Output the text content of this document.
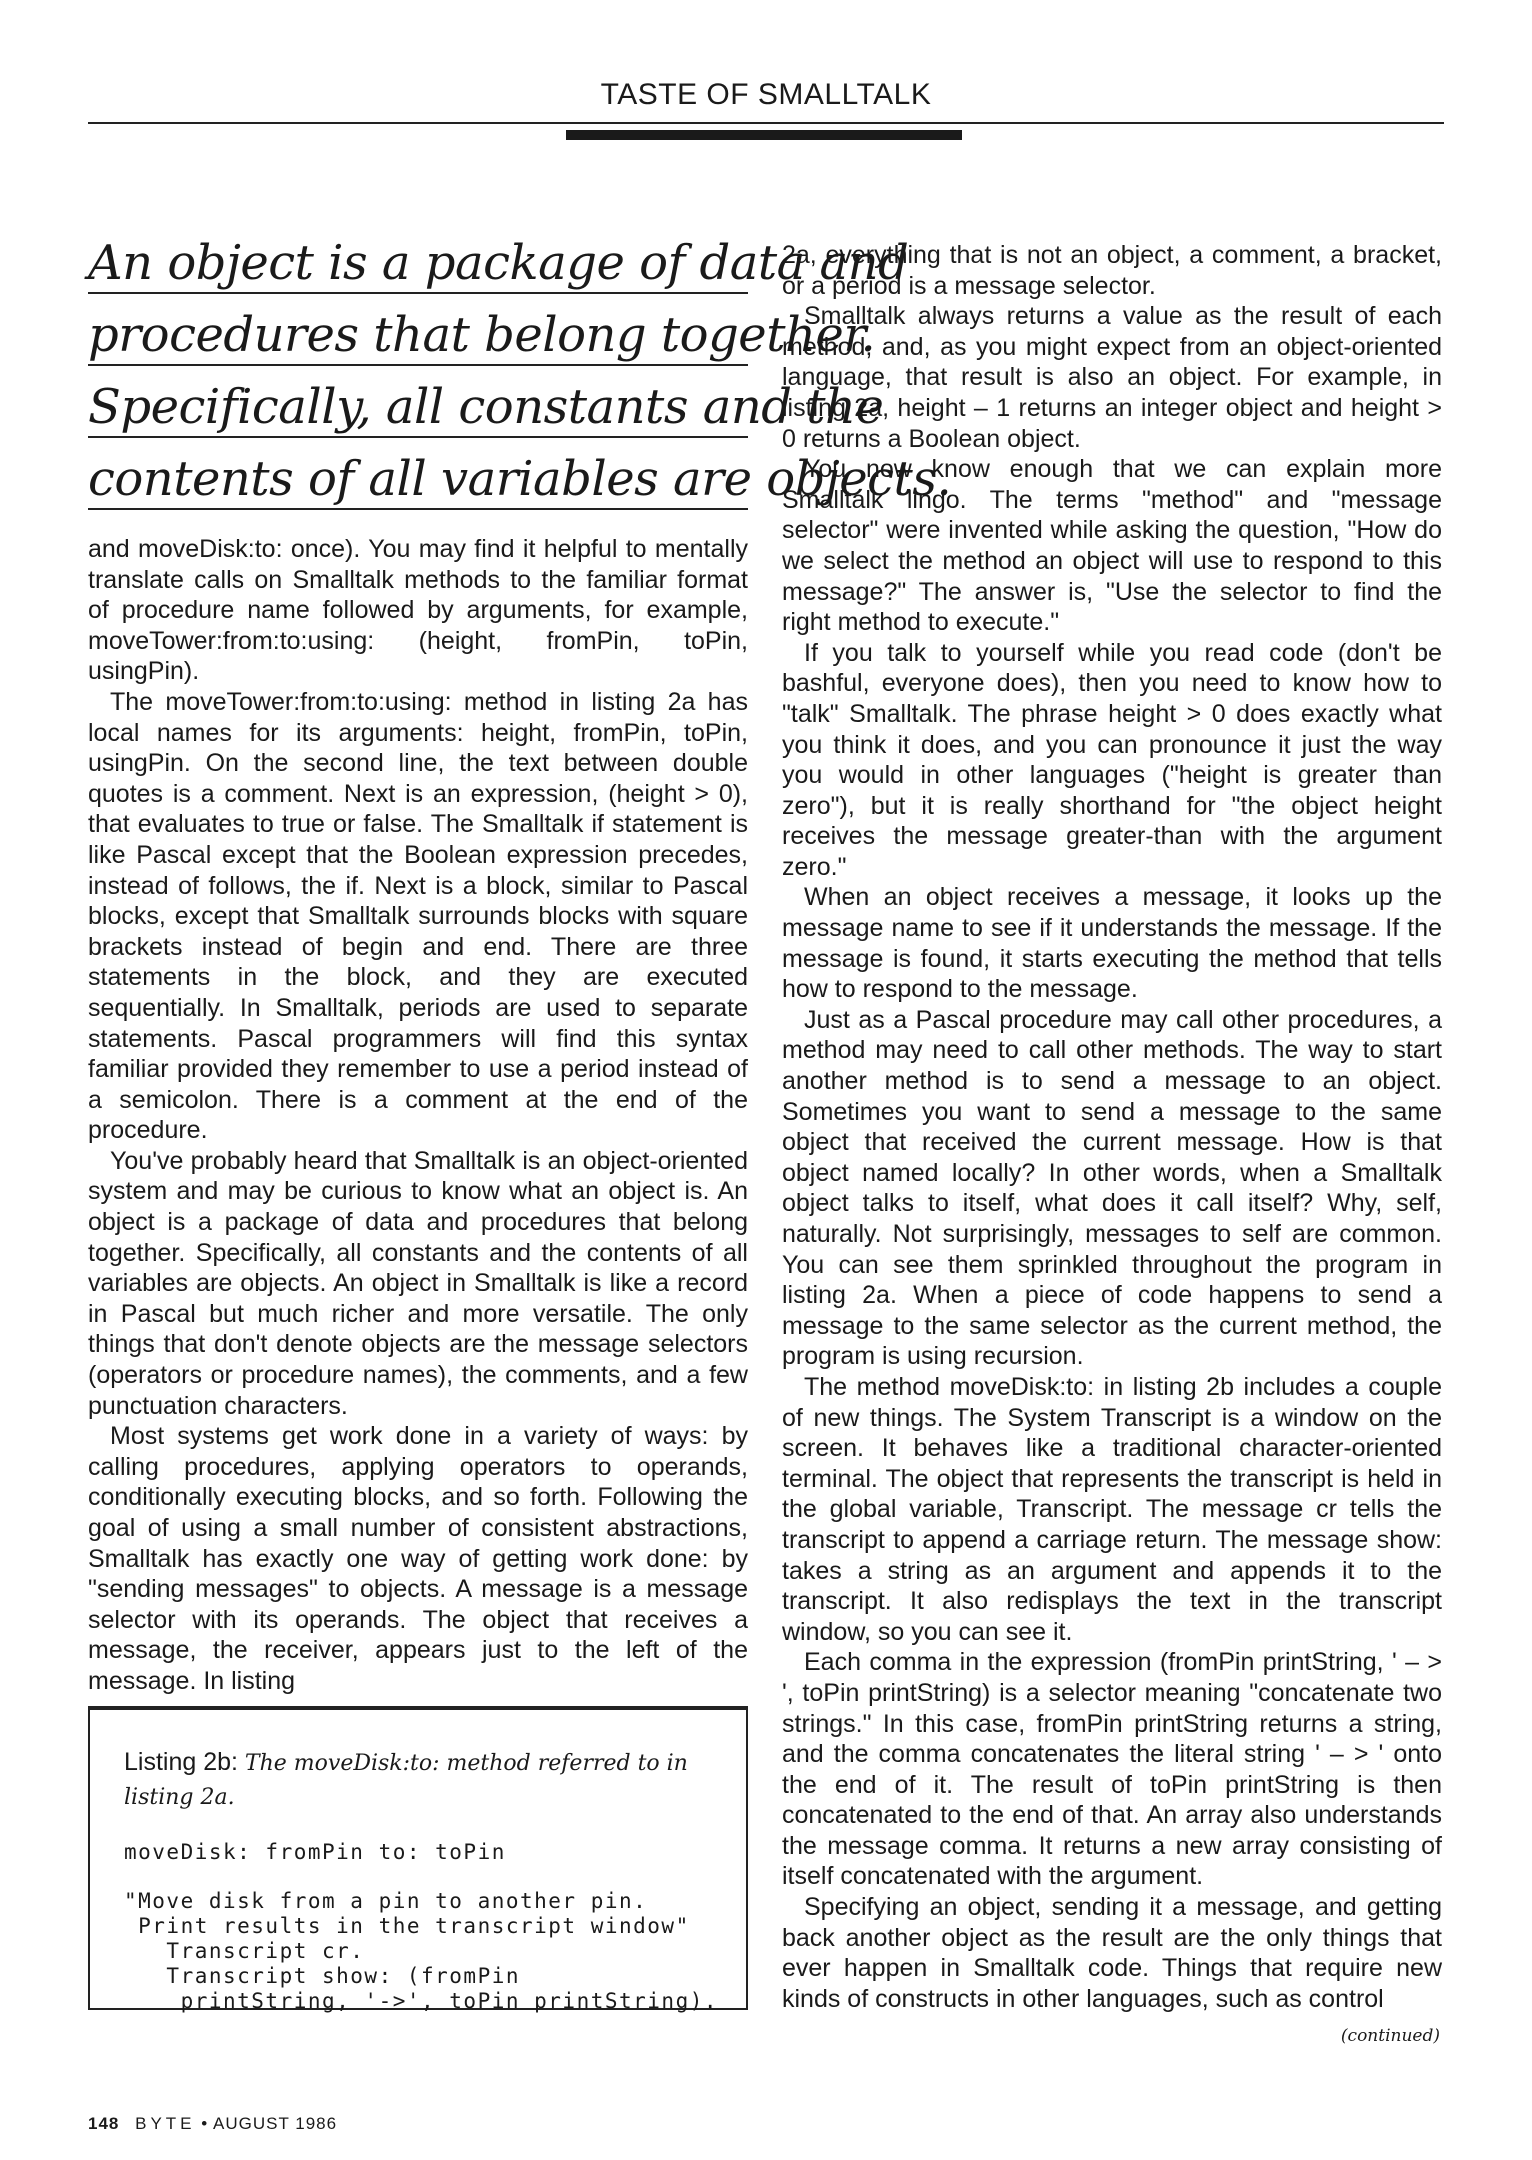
TASTE OF SMALLTALK
An object is a package of data and
procedures that belong together.
Specifically, all constants and the
contents of all variables are objects.

and moveDisk:to: once). You may find it helpful to mentally translate calls on Smalltalk methods to the familiar format of procedure name followed by arguments, for example, moveTower:from:to:using: (height, fromPin, toPin, usingPin).

The moveTower:from:to:using: method in listing 2a has local names for its arguments: height, fromPin, toPin, usingPin. On the second line, the text between double quotes is a comment. Next is an expression, (height > 0), that evaluates to true or false. The Smalltalk if statement is like Pascal except that the Boolean expression precedes, instead of follows, the if. Next is a block, similar to Pascal blocks, except that Smalltalk surrounds blocks with square brackets instead of begin and end. There are three statements in the block, and they are executed sequentially. In Smalltalk, periods are used to separate statements. Pascal programmers will find this syntax familiar provided they remember to use a period instead of a semicolon. There is a comment at the end of the procedure.

You've probably heard that Smalltalk is an object-oriented system and may be curious to know what an object is. An object is a package of data and procedures that belong together. Specifically, all constants and the contents of all variables are objects. An object in Smalltalk is like a record in Pascal but much richer and more versatile. The only things that don't denote objects are the message selectors (operators or procedure names), the comments, and a few punctuation characters.

Most systems get work done in a variety of ways: by calling procedures, applying operators to operands, conditionally executing blocks, and so forth. Following the goal of using a small number of consistent abstractions, Smalltalk has exactly one way of getting work done: by "sending messages" to objects. A message is a message selector with its operands. The object that receives a message, the receiver, appears just to the left of the message. In listing

Listing 2b: The moveDisk:to: method referred to in listing 2a.
moveDisk: fromPin to: toPin
"Move disk from a pin to another pin.
Print results in the transcript window"
Transcript cr.
Transcript show: (fromPin
printString, '->', toPin printString).

2a, everything that is not an object, a comment, a bracket, or a period is a message selector.

Smalltalk always returns a value as the result of each method, and, as you might expect from an object-oriented language, that result is also an object. For example, in listing 2a, height – 1 returns an integer object and height > 0 returns a Boolean object.

You now know enough that we can explain more Smalltalk lingo. The terms "method" and "message selector" were invented while asking the question, "How do we select the method an object will use to respond to this message?" The answer is, "Use the selector to find the right method to execute."

If you talk to yourself while you read code (don't be bashful, everyone does), then you need to know how to "talk" Smalltalk. The phrase height > 0 does exactly what you think it does, and you can pronounce it just the way you would in other languages ("height is greater than zero"), but it is really shorthand for "the object height receives the message greater-than with the argument zero."

When an object receives a message, it looks up the message name to see if it understands the message. If the message is found, it starts executing the method that tells how to respond to the message.

Just as a Pascal procedure may call other procedures, a method may need to call other methods. The way to start another method is to send a message to an object. Sometimes you want to send a message to the same object that received the current message. How is that object named locally? In other words, when a Smalltalk object talks to itself, what does it call itself? Why, self, naturally. Not surprisingly, messages to self are common. You can see them sprinkled throughout the program in listing 2a. When a piece of code happens to send a message to the same selector as the current method, the program is using recursion.

The method moveDisk:to: in listing 2b includes a couple of new things. The System Transcript is a window on the screen. It behaves like a traditional character-oriented terminal. The object that represents the transcript is held in the global variable, Transcript. The message cr tells the transcript to append a carriage return. The message show: takes a string as an argument and appends it to the transcript. It also redisplays the text in the transcript window, so you can see it.

Each comma in the expression (fromPin printString, ' – > ', toPin printString) is a selector meaning "concatenate two strings." In this case, fromPin printString returns a string, and the comma concatenates the literal string ' – > ' onto the end of it. The result of toPin printString is then concatenated to the end of that. An array also understands the message comma. It returns a new array consisting of itself concatenated with the argument.

Specifying an object, sending it a message, and getting back another object as the result are the only things that ever happen in Smalltalk code. Things that require new kinds of constructs in other languages, such as control

(continued)
148 BYTE • AUGUST 1986
